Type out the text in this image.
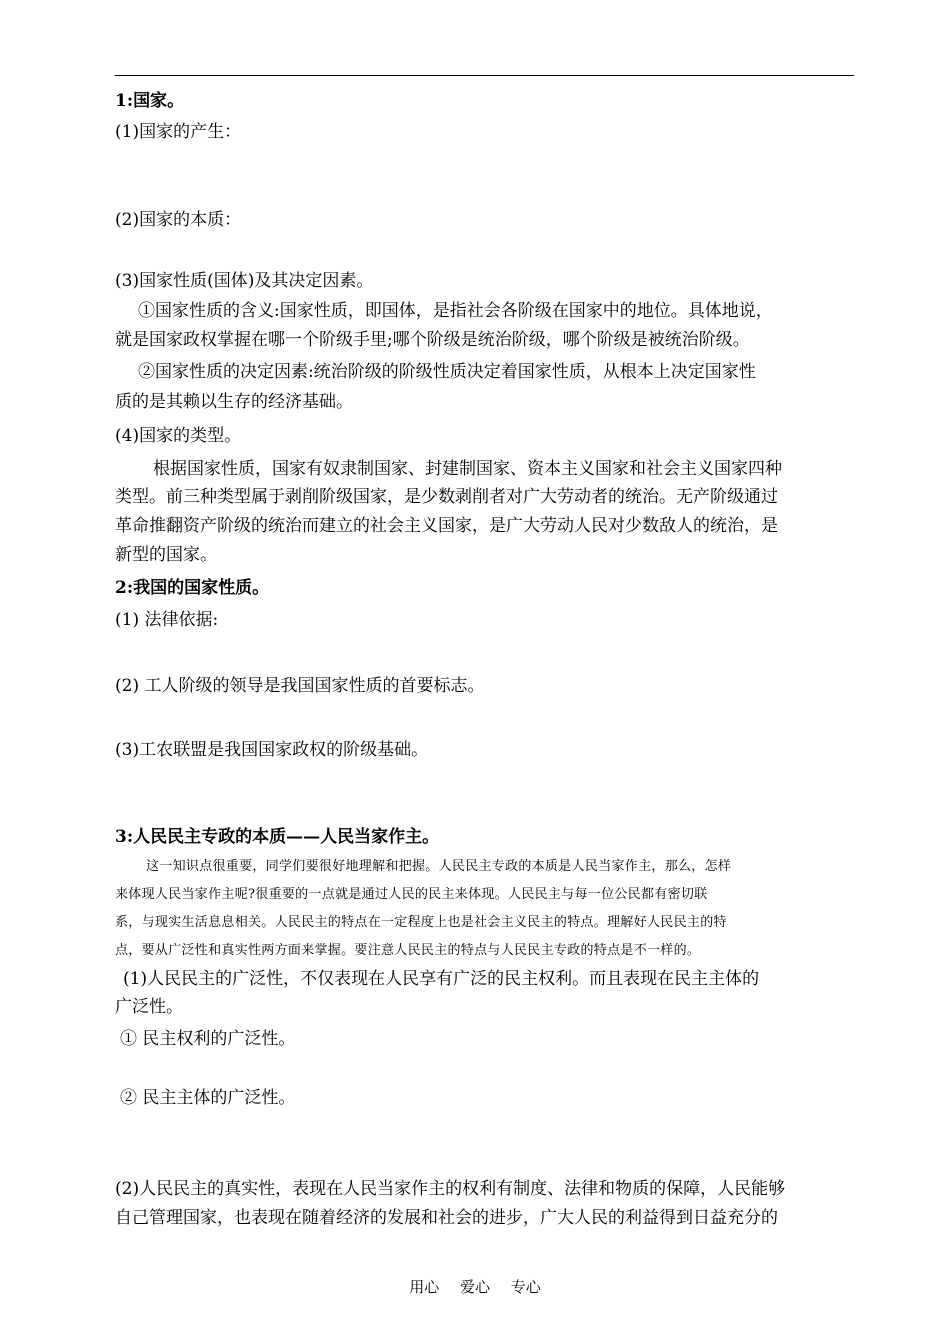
1:国家。
(1)国家的产生：
(2)国家的本质：
(3)国家性质(国体)及其决定因素。
①国家性质的含义:国家性质，即国体，是指社会各阶级在国家中的地位。具体地说，
就是国家政权掌握在哪一个阶级手里;哪个阶级是统治阶级，哪个阶级是被统治阶级。
②国家性质的决定因素:统治阶级的阶级性质决定着国家性质，从根本上决定国家性
质的是其赖以生存的经济基础。
(4)国家的类型。
根据国家性质，国家有奴隶制国家、封建制国家、资本主义国家和社会主义国家四种
类型。前三种类型属于剥削阶级国家，是少数剥削者对广大劳动者的统治。无产阶级通过
革命推翻资产阶级的统治而建立的社会主义国家，是广大劳动人民对少数敌人的统治，是
新型的国家。
2:我国的国家性质。
(1) 法律依据:
(2) 工人阶级的领导是我国国家性质的首要标志。
(3)工农联盟是我国国家政权的阶级基础。
3:人民民主专政的本质——人民当家作主。
这一知识点很重要，同学们要很好地理解和把握。人民民主专政的本质是人民当家作主，那么，怎样
来体现人民当家作主呢?很重要的一点就是通过人民的民主来体现。人民民主与每一位公民都有密切联
系，与现实生活息息相关。人民民主的特点在一定程度上也是社会主义民主的特点。理解好人民民主的特
点，要从广泛性和真实性两方面来掌握。要注意人民民主的特点与人民民主专政的特点是不一样的。
(1)人民民主的广泛性，不仅表现在人民享有广泛的民主权利。而且表现在民主主体的
广泛性。
① 民主权利的广泛性。
② 民主主体的广泛性。
(2)人民民主的真实性，表现在人民当家作主的权利有制度、法律和物质的保障，人民能够
自己管理国家，也表现在随着经济的发展和社会的进步，广大人民的利益得到日益充分的
用心 爱心 专心
